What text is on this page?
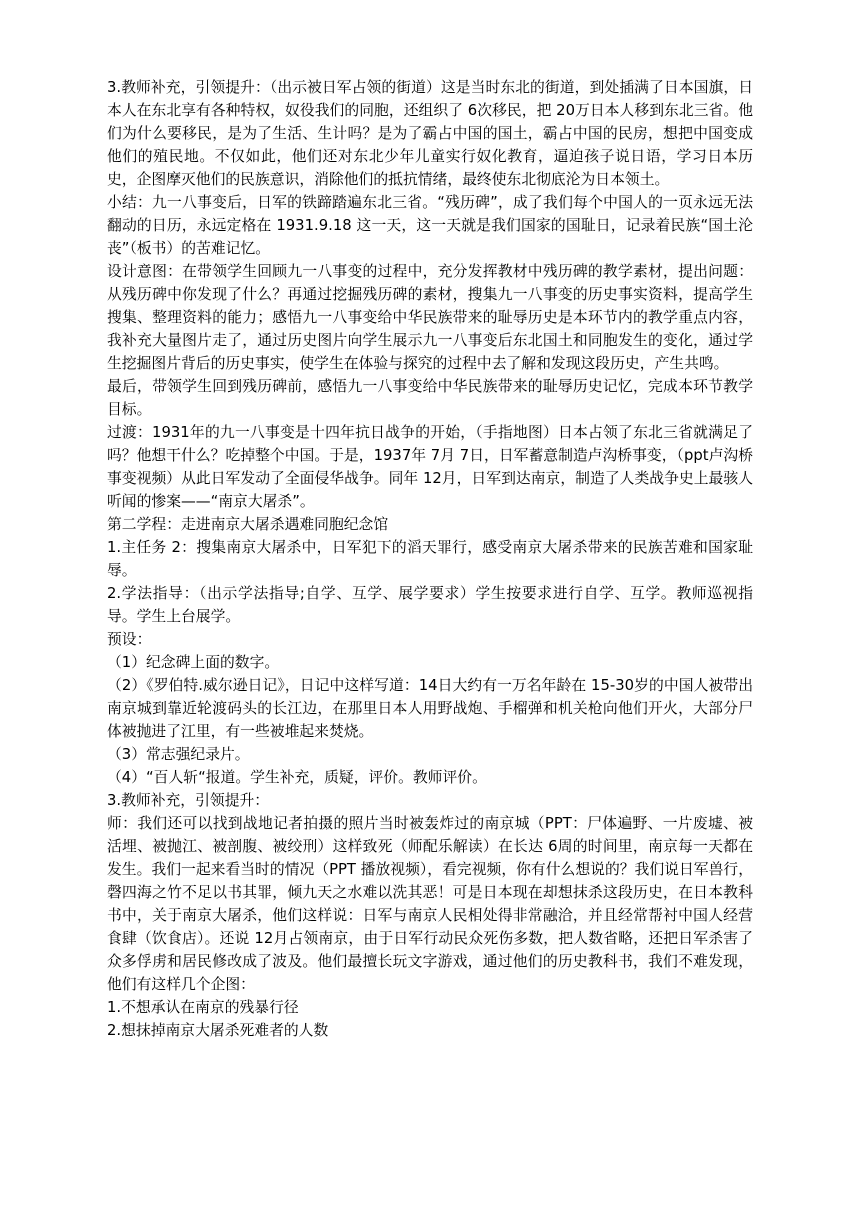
3.教师补充，引领提升：（出示被日军占领的街道）这是当时东北的街道，到处插满了日本国旗，日本人在东北享有各种特权，奴役我们的同胞，还组织了 6次移民，把 20万日本人移到东北三省。他们为什么要移民，是为了生活、生计吗？是为了霸占中国的国土，霸占中国的民房，想把中国变成他们的殖民地。不仅如此，他们还对东北少年儿童实行奴化教育，逼迫孩子说日语，学习日本历史，企图摩灭他们的民族意识，消除他们的抵抗情绪，最终使东北彻底沦为日本领土。

小结：九一八事变后，日军的铁蹄踏遍东北三省。“残历碑”，成了我们每个中国人的一页永远无法翻动的日历，永远定格在 1931.9.18 这一天，这一天就是我们国家的国耻日，记录着民族“国土沦丧”（板书）的苦难记忆。

设计意图：在带领学生回顾九一八事变的过程中，充分发挥教材中残历碑的教学素材，提出问题：从残历碑中你发现了什么？再通过挖掘残历碑的素材，搜集九一八事变的历史事实资料，提高学生搜集、整理资料的能力；感悟九一八事变给中华民族带来的耻辱历史是本环节内的教学重点内容，我补充大量图片走了，通过历史图片向学生展示九一八事变后东北国土和同胞发生的变化，通过学生挖掘图片背后的历史事实，使学生在体验与探究的过程中去了解和发现这段历史，产生共鸣。

最后，带领学生回到残历碑前，感悟九一八事变给中华民族带来的耻辱历史记忆，完成本环节教学目标。

过渡：1931年的九一八事变是十四年抗日战争的开始，（手指地图）日本占领了东北三省就满足了吗？他想干什么？吃掉整个中国。于是，1937年 7月 7日，日军蓄意制造卢沟桥事变，（ppt卢沟桥事变视频）从此日军发动了全面侵华战争。同年 12月，日军到达南京，制造了人类战争史上最骇人听闻的惨案——“南京大屠杀”。

第二学程：走进南京大屠杀遇难同胞纪念馆

1.主任务 2：搜集南京大屠杀中，日军犯下的滔天罪行，感受南京大屠杀带来的民族苦难和国家耻辱。

2.学法指导：（出示学法指导;自学、互学、展学要求）学生按要求进行自学、互学。教师巡视指导。学生上台展学。

预设：

（1）纪念碑上面的数字。

（2）《罗伯特.威尔逊日记》，日记中这样写道：14日大约有一万名年龄在 15-30岁的中国人被带出南京城到靠近轮渡码头的长江边，在那里日本人用野战炮、手榴弹和机关枪向他们开火，大部分尸体被抛进了江里，有一些被堆起来焚烧。

（3）常志强纪录片。

（4）“百人斩“报道。学生补充，质疑，评价。教师评价。

3.教师补充，引领提升：

师：我们还可以找到战地记者拍摄的照片当时被轰炸过的南京城（PPT：尸体遍野、一片废墟、被活埋、被抛江、被剖腹、被绞刑）这样致死（师配乐解读）在长达 6周的时间里，南京每一天都在发生。我们一起来看当时的情况（PPT 播放视频），看完视频，你有什么想说的？我们说日军兽行，磬四海之竹不足以书其罪，倾九天之水难以洗其恶！可是日本现在却想抹杀这段历史，在日本教科书中，关于南京大屠杀，他们这样说：日军与南京人民相处得非常融洽，并且经常帮衬中国人经营食肆（饮食店）。还说 12月占领南京，由于日军行动民众死伤多数，把人数省略，还把日军杀害了众多俘虏和居民修改成了波及。他们最擅长玩文字游戏，通过他们的历史教科书，我们不难发现，他们有这样几个企图：

1.不想承认在南京的残暴行径

2.想抹掉南京大屠杀死难者的人数
